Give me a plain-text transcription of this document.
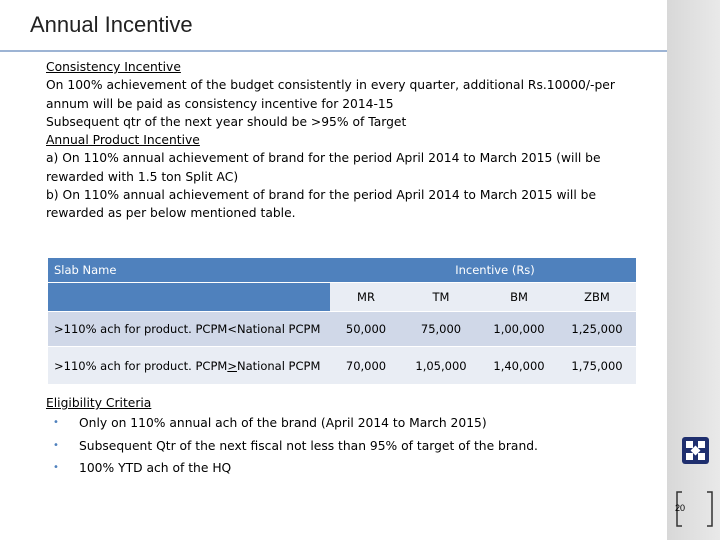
Annual Incentive
20

Consistency Incentive

On 100% achievement of the budget consistently in every quarter, additional Rs.10000/-per annum will be paid as consistency incentive for 2014-15

Subsequent qtr of the next year should be >95% of Target

Annual Product Incentive

a) On 110% annual achievement of brand for the period April 2014 to March 2015 (will be rewarded with 1.5 ton Split AC)

b) On 110% annual achievement of brand for the period April 2014 to March 2015 will be rewarded as per below mentioned table.

Slab Name	Incentive (Rs)			
	MR	TM	BM	ZBM
>110% ach for product. PCPM<National PCPM	50,000	75,000	1,00,000	1,25,000
>110% ach for product. PCPM>National PCPM	70,000	1,05,000	1,40,000	1,75,000
Eligibility Criteria
• Only on 110% annual ach of the brand (April 2014 to March 2015)
• Subsequent Qtr of the next fiscal not less than 95% of target of the brand.
• 100% YTD ach of the HQ
